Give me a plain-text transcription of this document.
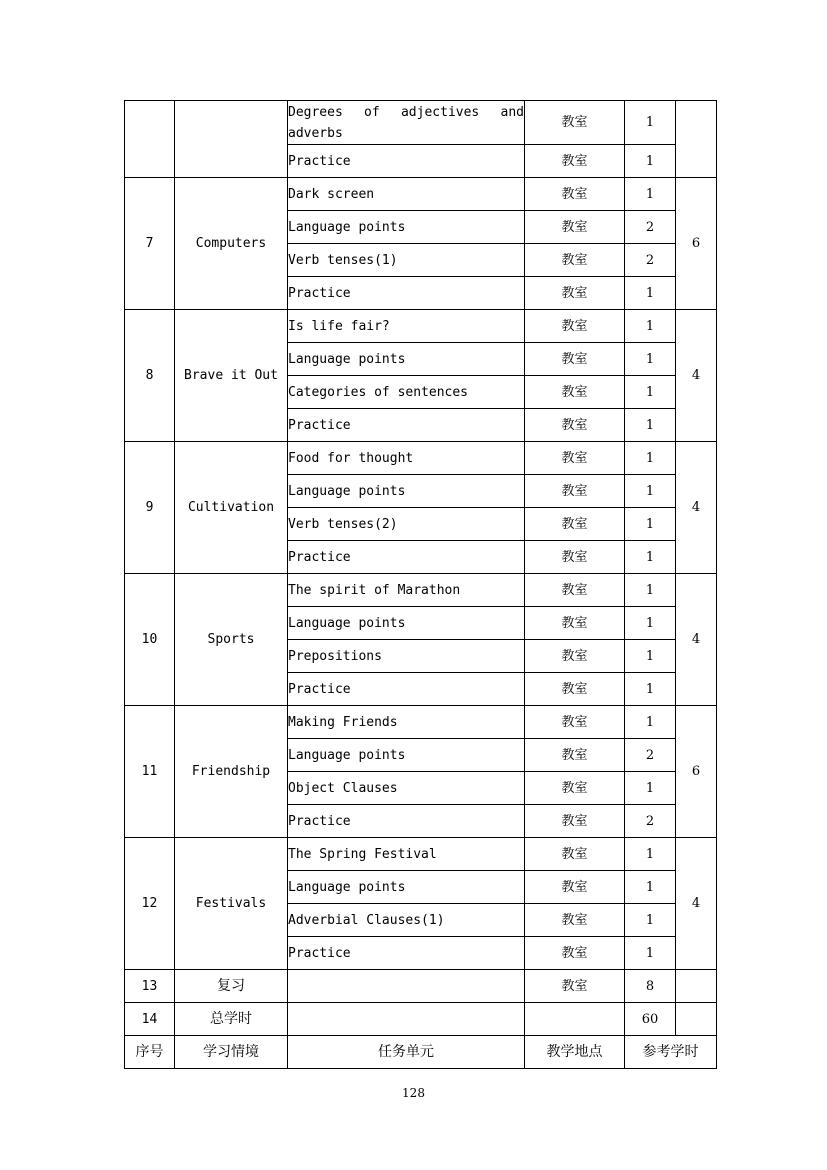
		Degrees of adjectives and adverbs	教室	1	
		Practice	教室	1	
7	Computers	Dark screen	教室	1	6
		Language points	教室	2	
		Verb tenses(1)	教室	2	
		Practice	教室	1	
8	Brave it Out	Is life fair?	教室	1	4
		Language points	教室	1	
		Categories of sentences	教室	1	
		Practice	教室	1	
9	Cultivation	Food for thought	教室	1	4
		Language points	教室	1	
		Verb tenses(2)	教室	1	
		Practice	教室	1	
10	Sports	The spirit of Marathon	教室	1	4
		Language points	教室	1	
		Prepositions	教室	1	
		Practice	教室	1	
11	Friendship	Making Friends	教室	1	6
		Language points	教室	2	
		Object Clauses	教室	1	
		Practice	教室	2	
12	Festivals	The Spring Festival	教室	1	4
		Language points	教室	1	
		Adverbial Clauses(1)	教室	1	
		Practice	教室	1	
13	复习		教室	8	
14	总学时			60	
序号	学习情境	任务单元	教学地点	参考学时	
128
